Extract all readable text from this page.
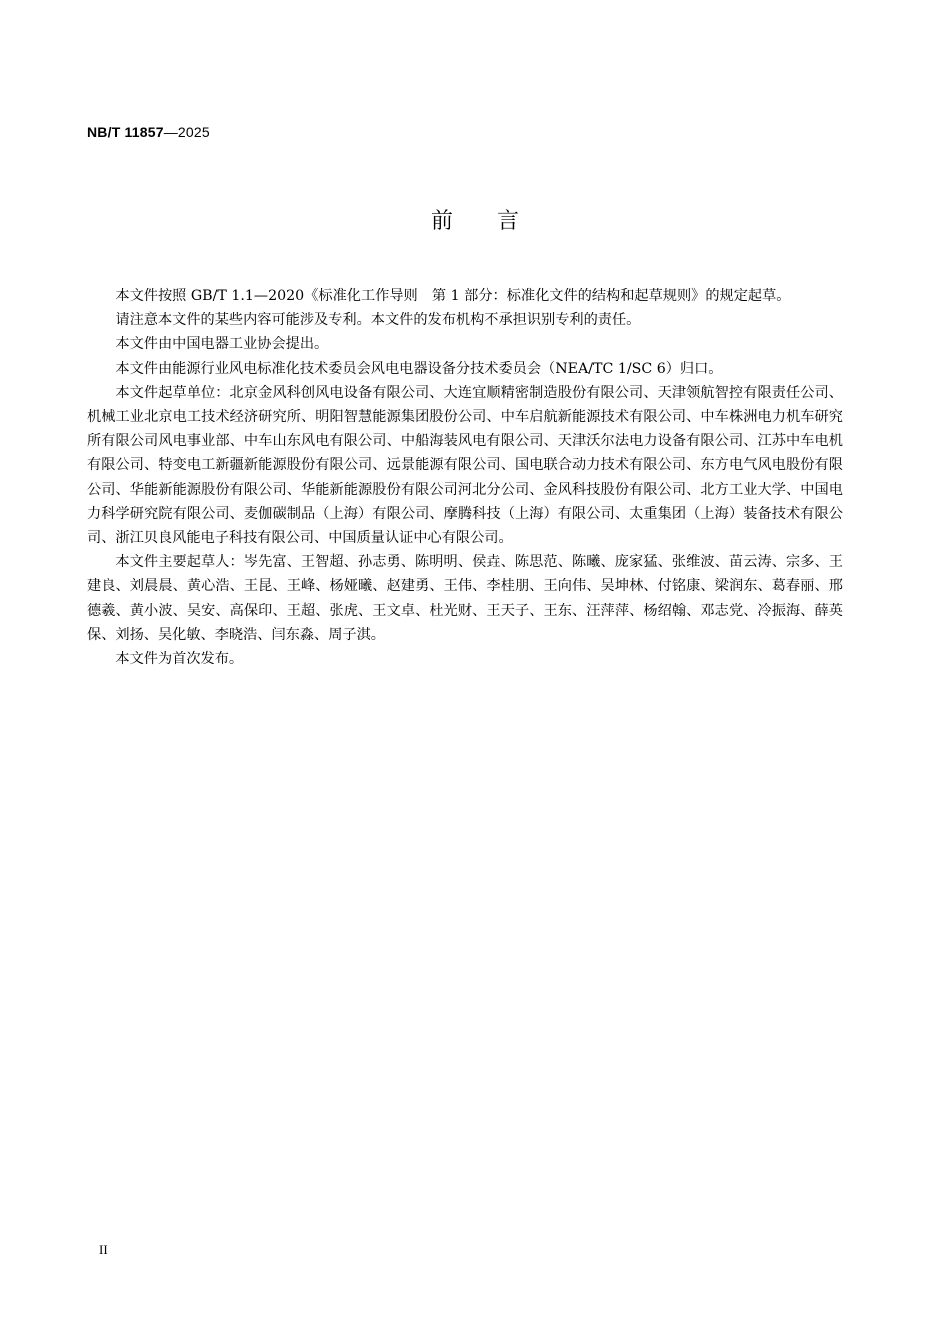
NB/T 11857—2025
前言

本文件按照 GB/T 1.1—2020《标准化工作导则　第 1 部分：标准化文件的结构和起草规则》的规定起草。

请注意本文件的某些内容可能涉及专利。本文件的发布机构不承担识别专利的责任。

本文件由中国电器工业协会提出。

本文件由能源行业风电标准化技术委员会风电电器设备分技术委员会（NEA/TC 1/SC 6）归口。

本文件起草单位：北京金风科创风电设备有限公司、大连宜顺精密制造股份有限公司、天津领航智控有限责任公司、机械工业北京电工技术经济研究所、明阳智慧能源集团股份公司、中车启航新能源技术有限公司、中车株洲电力机车研究所有限公司风电事业部、中车山东风电有限公司、中船海装风电有限公司、天津沃尔法电力设备有限公司、江苏中车电机有限公司、特变电工新疆新能源股份有限公司、远景能源有限公司、国电联合动力技术有限公司、东方电气风电股份有限公司、华能新能源股份有限公司、华能新能源股份有限公司河北分公司、金风科技股份有限公司、北方工业大学、中国电力科学研究院有限公司、麦伽碳制品（上海）有限公司、摩腾科技（上海）有限公司、太重集团（上海）装备技术有限公司、浙江贝良风能电子科技有限公司、中国质量认证中心有限公司。

本文件主要起草人：岑先富、王智超、孙志勇、陈明明、侯垚、陈思范、陈曦、庞家猛、张维波、苗云涛、宗多、王建良、刘晨晨、黄心浩、王昆、王峰、杨娅曦、赵建勇、王伟、李桂朋、王向伟、吴坤林、付铭康、梁润东、葛春丽、邢德羲、黄小波、吴安、高保印、王超、张虎、王文卓、杜光财、王天子、王东、汪萍萍、杨绍翰、邓志党、冷振海、薛英保、刘扬、吴化敏、李晓浩、闫东淼、周子淇。

本文件为首次发布。

II
